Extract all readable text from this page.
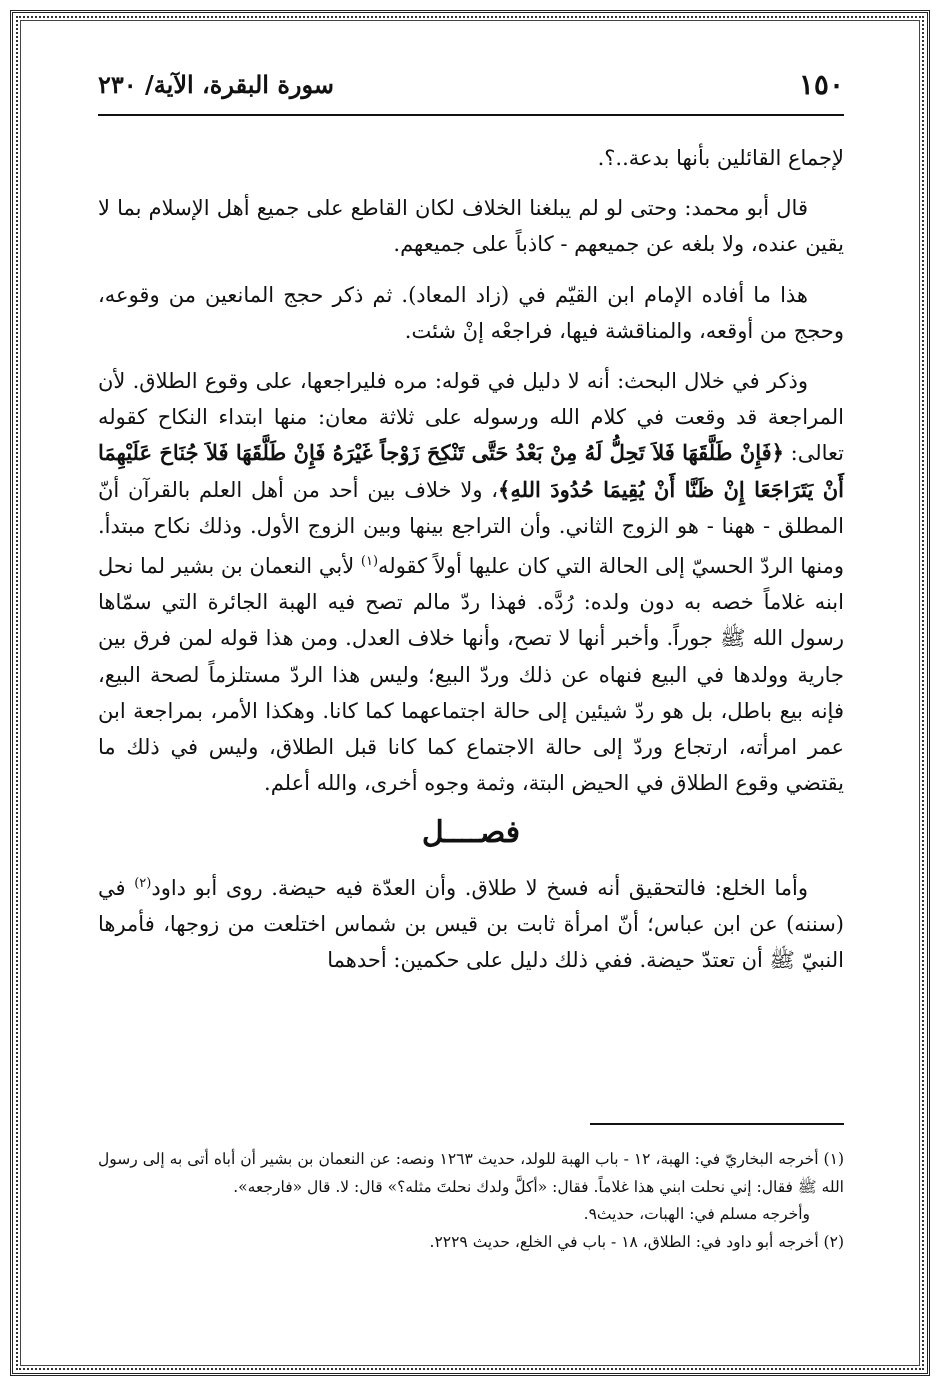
١٥٠
سورة البقرة، الآية/ ٢٣٠

لإجماع القائلين بأنها بدعة..؟.

قال أبو محمد: وحتى لو لم يبلغنا الخلاف لكان القاطع على جميع أهل الإسلام بما لا يقين عنده، ولا بلغه عن جميعهم - كاذباً على جميعهم.

هذا ما أفاده الإمام ابن القيّم في (زاد المعاد). ثم ذكر حجج المانعين من وقوعه، وحجج من أوقعه، والمناقشة فيها، فراجعْه إنْ شئت.

وذكر في خلال البحث: أنه لا دليل في قوله: مره فليراجعها، على وقوع الطلاق. لأن المراجعة قد وقعت في كلام الله ورسوله على ثلاثة معان: منها ابتداء النكاح كقوله تعالى: ﴿فَإِنْ طَلَّقَهَا فَلاَ تَحِلُّ لَهُ مِنْ بَعْدُ حَتَّى تَنْكِحَ زَوْجاً غَيْرَهُ فَإِنْ طَلَّقَهَا فَلاَ جُنَاحَ عَلَيْهِمَا أَنْ يَتَرَاجَعَا إِنْ ظَنَّا أَنْ يُقِيمَا حُدُودَ اللهِ﴾، ولا خلاف بين أحد من أهل العلم بالقرآن أنّ المطلق - ههنا - هو الزوج الثاني. وأن التراجع بينها وبين الزوج الأول. وذلك نكاح مبتدأ. ومنها الردّ الحسيّ إلى الحالة التي كان عليها أولاً كقوله$^{(١)}$ لأبي النعمان بن بشير لما نحل ابنه غلاماً خصه به دون ولده: رُدَّه. فهذا ردّ مالم تصح فيه الهبة الجائرة التي سمّاها رسول الله ﷺ جوراً. وأخبر أنها لا تصح، وأنها خلاف العدل. ومن هذا قوله لمن فرق بين جارية وولدها في البيع فنهاه عن ذلك وردّ البيع؛ وليس هذا الردّ مستلزماً لصحة البيع، فإنه بيع باطل، بل هو ردّ شيئين إلى حالة اجتماعهما كما كانا. وهكذا الأمر، بمراجعة ابن عمر امرأته، ارتجاع وردّ إلى حالة الاجتماع كما كانا قبل الطلاق، وليس في ذلك ما يقتضي وقوع الطلاق في الحيض البتة، وثمة وجوه أخرى، والله أعلم.

فصــــل

وأما الخلع: فالتحقيق أنه فسخ لا طلاق. وأن العدّة فيه حيضة. روى أبو داود$^{(٢)}$ في (سننه) عن ابن عباس؛ أنّ امرأة ثابت بن قيس بن شماس اختلعت من زوجها، فأمرها النبيّ ﷺ أن تعتدّ حيضة. ففي ذلك دليل على حكمين: أحدهما

(١) أخرجه البخاريّ في: الهبة، ١٢ - باب الهبة للولد، حديث ١٢٦٣ ونصه: عن النعمان بن بشير أن أباه أتى به إلى رسول الله ﷺ فقال: إني نحلت ابني هذا غلاماً. فقال: «أكلَّ ولدك نحلتَ مثله؟» قال: لا. قال «فارجعه».

وأخرجه مسلم في: الهبات، حديث٩.

(٢) أخرجه أبو داود في: الطلاق، ١٨ - باب في الخلع، حديث ٢٢٢٩.
